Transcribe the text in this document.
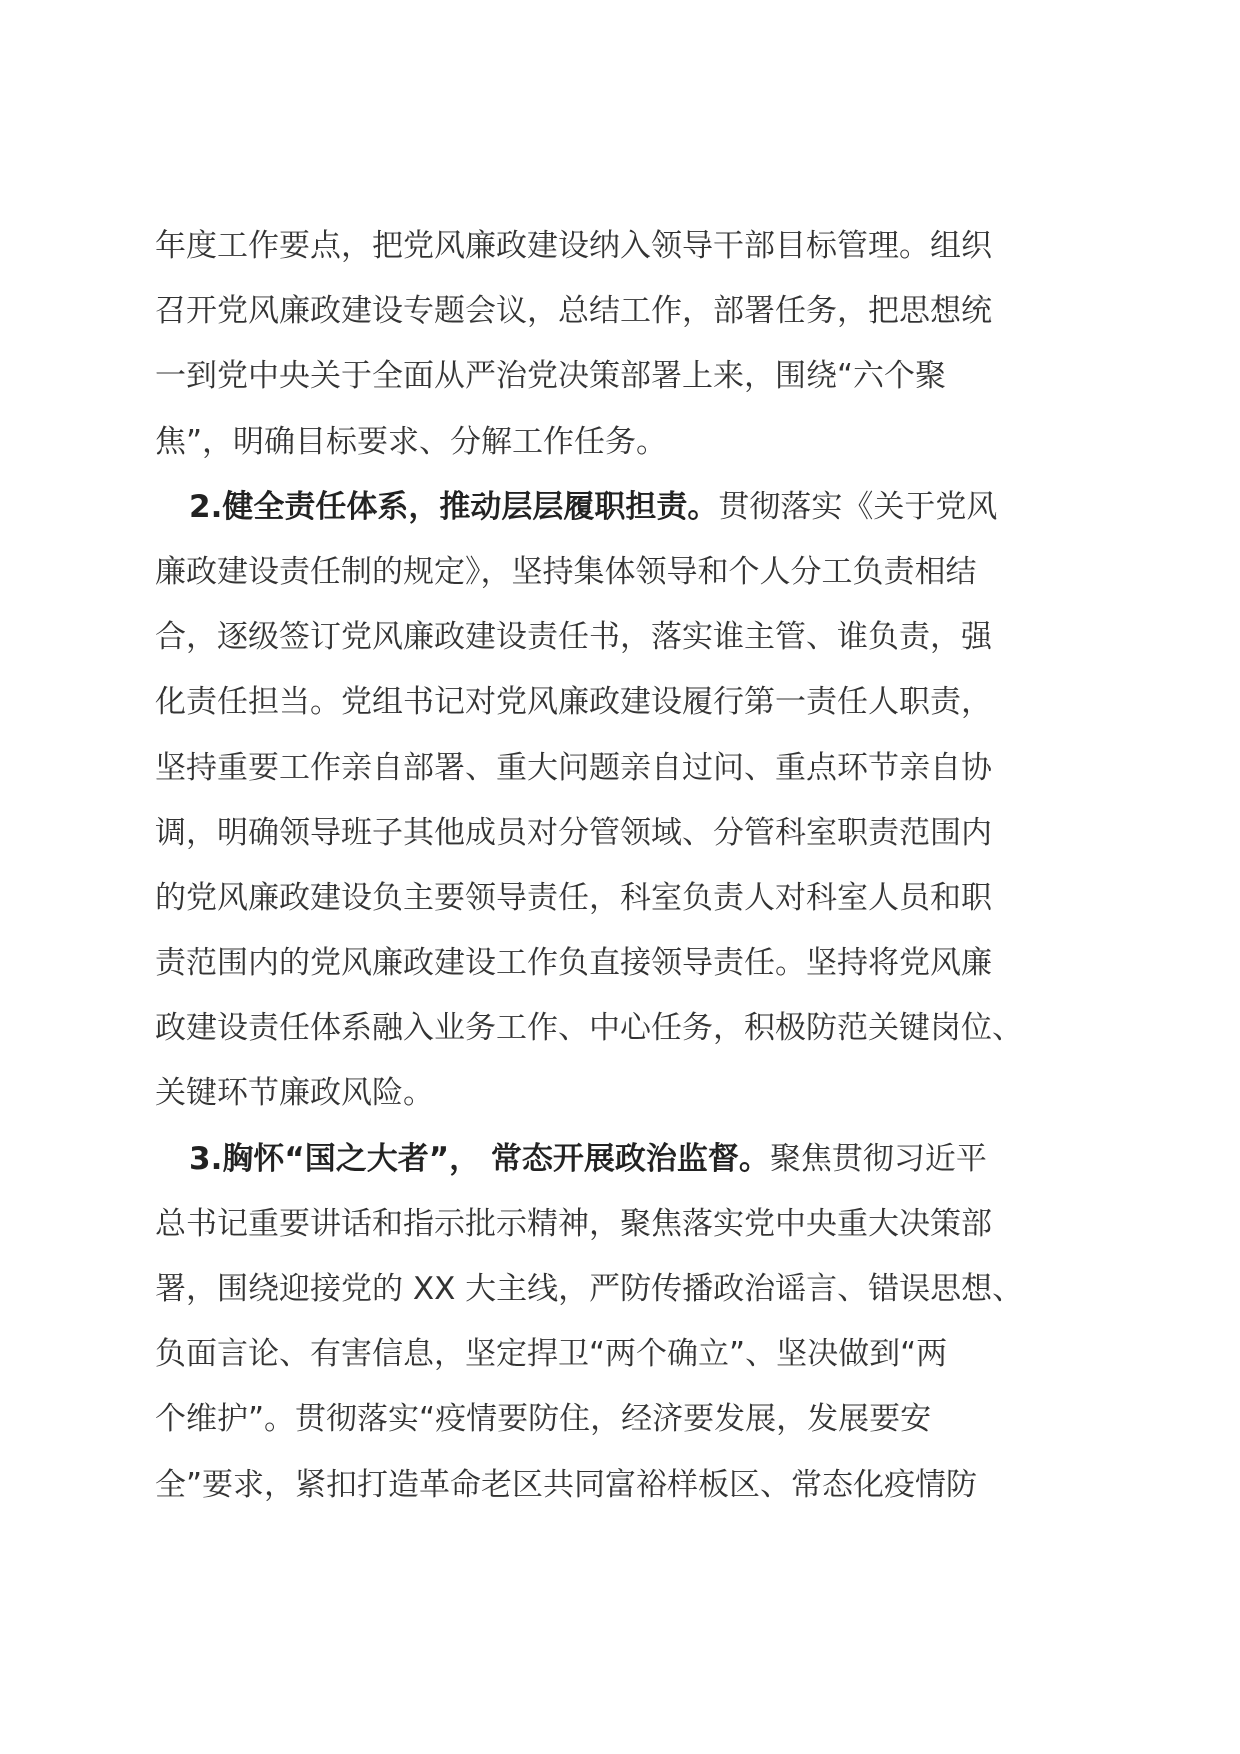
年度工作要点，把党风廉政建设纳入领导干部目标管理。组织
召开党风廉政建设专题会议，总结工作，部署任务，把思想统
一到党中央关于全面从严治党决策部署上来，围绕“六个聚
焦”，明确目标要求、分解工作任务。
2.健全责任体系，推动层层履职担责。贯彻落实《关于党风
廉政建设责任制的规定》，坚持集体领导和个人分工负责相结
合，逐级签订党风廉政建设责任书，落实谁主管、谁负责，强
化责任担当。党组书记对党风廉政建设履行第一责任人职责，
坚持重要工作亲自部署、重大问题亲自过问、重点环节亲自协
调，明确领导班子其他成员对分管领域、分管科室职责范围内
的党风廉政建设负主要领导责任，科室负责人对科室人员和职
责范围内的党风廉政建设工作负直接领导责任。坚持将党风廉
政建设责任体系融入业务工作、中心任务，积极防范关键岗位、
关键环节廉政风险。
3.胸怀“国之大者”， 常态开展政治监督。聚焦贯彻习近平
总书记重要讲话和指示批示精神，聚焦落实党中央重大决策部
署，围绕迎接党的 XX 大主线，严防传播政治谣言、错误思想、
负面言论、有害信息，坚定捍卫“两个确立”、坚决做到“两
个维护”。贯彻落实“疫情要防住，经济要发展，发展要安
全”要求，紧扣打造革命老区共同富裕样板区、常态化疫情防
